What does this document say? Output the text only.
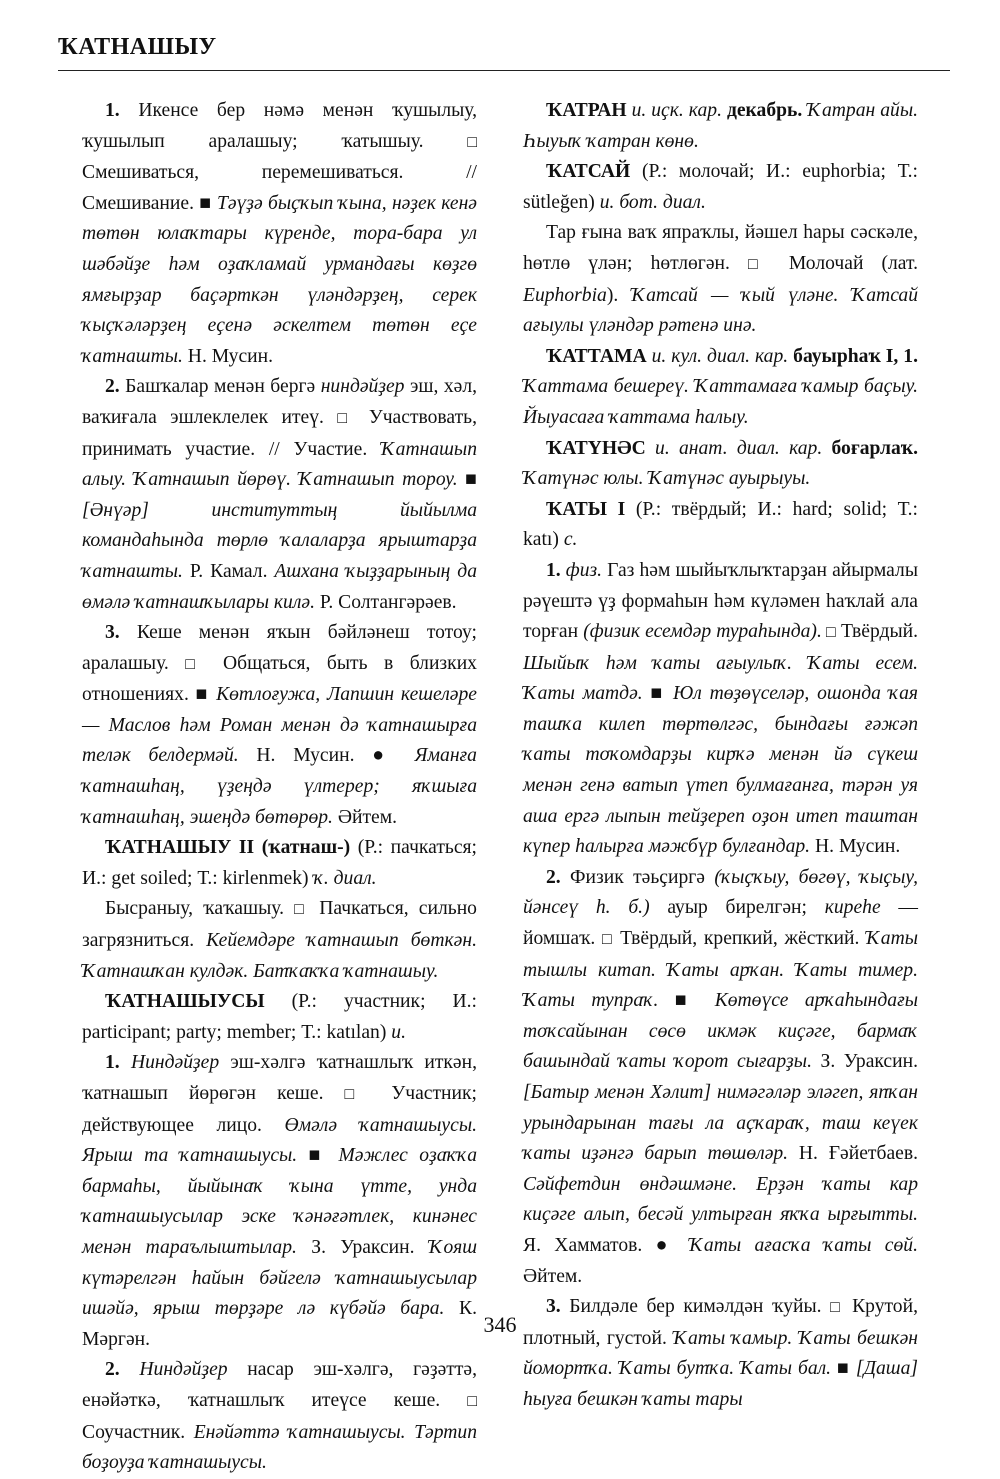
ҠАТНАШЫУ

1. Икенсе бер нәмә менән ҡушылыу, ҡушылып аралашыу; ҡатышыу. □ Смешиваться, перемешиваться. // Смешивание. ■ Тәүҙә быҫҡып ҡына, нәҙек кенә төтөн юлаҡтары күренде, тора-бара ул шәбәйҙе һәм оҙаҡламай урмандағы көҙгө ямғырҙар баҫәрткән үләндәрҙең, серек ҡыҫҡәләрҙең еҫенә әскелтем төтөн еҫе ҡатнашты. Н. Мусин.

2. Башҡалар менән бергә ниндәйҙер эш, хәл, ваҡиғала эшлеклелек итеү. □ Участвовать, принимать участие. // Участие. Ҡатнашып алыу. Ҡатнашып йөрөү. Ҡатнашып тороу. ■ [Әнүәр] институттың йыйылма командаһында төрлө ҡалаларҙа ярыштарҙа ҡатнашты. Р. Камал. Ашхана ҡыҙҙарының да өмәлә ҡатнашҡылары килә. Р. Солтангәрәев.

3. Кеше менән яҡын бәйләнеш тотоу; аралашыу. □ Общаться, быть в близких отношениях. ■ Көтлоғужа, Лапшин кешеләре — Маслов һәм Роман менән дә ҡатнашырға теләк белдермәй. Н. Мусин. ● Яманға ҡатнашһаң, үҙеңдә үлтерер; яҡшыға ҡатнашһаң, эшеңдә бөтөрөр. Әйтем.

ҠАТНАШЫУ II (ҡатнаш-) (Р.: пачкаться; И.: get soiled; Т.: kirlenmek) ҡ. диал.

Бысраныу, ҡаҡашыу. □ Пачкаться, сильно загрязниться. Кейемдәре ҡатнашып бөткән. Ҡатнашҡан кулдәк. Батҡаҡҡа ҡатнашыу.

ҠАТНАШЫУСЫ (Р.: участник; И.: participant; party; member; Т.: katılan) и.

1. Ниндәйҙер эш-хәлгә ҡатнашлыҡ иткән, ҡатнашып йөрөгән кеше. □ Участник; действующее лицо. Өмәлә ҡатнашыусы. Ярыш та ҡатнашыусы. ■ Мәжлес оҙаҡҡа бармаһы, йыйынаҡ ҡына үтте, унда ҡатнашыусылар эске ҡәнәғәтлек, кинәнес менән тараълыштылар. З. Ураксин. Ҡояш күтәрелгән һайын бәйгелә ҡатнашыусылар ишәйә, ярыш төрҙәре лә күбәйә бара. К. Мәргән.

2. Ниндәйҙер насар эш-хәлгә, гәҙәттә, енәйәткә, ҡатнашлыҡ итеүсе кеше. □ Соучастник. Енәйәттә ҡатнашыусы. Тәртип боҙоуҙа ҡатнашыусы.

ҠАТРАН и. иҫк. кар. декабрь. Ҡатран айы. Һыуыҡ ҡатран көнө.

ҠАТСАЙ (Р.: молочай; И.: euphorbia; Т.: sütleğen) и. бот. диал.

Тар ғына ваҡ япраҡлы, йәшел һары сәскәле, һөтлө үлән; һөтлөгән. □ Молочай (лат. Euphorbia). Ҡатсай — ҡый үләне. Ҡатсай ағыулы үләндәр рәтенә инә.

ҠАТТАМА и. кул. диал. кар. бауырһаҡ I, 1. Ҡаттама бешереү. Ҡаттамаға ҡамыр баҫыу. Йыуасаға ҡаттама һалыу.

ҠАТҮНӘС и. анат. диал. кар. боғарлаҡ. Ҡатүнәс юлы. Ҡатүнәс ауырыуы.

ҠАТЫ I (Р.: твёрдый; И.: hard; solid; Т.: katı) с.

1. физ. Газ һәм шыйыҡлыҡтарҙан айырмалы рәүештә үҙ формаһын һәм күләмен һаҡлай ала торған (физик есемдәр тураһында). □ Твёрдый. Шыйыҡ һәм ҡаты ағыулыҡ. Ҡаты есем. Ҡаты матдә. ■ Юл төҙөүселәр, ошонда ҡая ташҡа килеп төртөлгәс, бындағы ғәжәп ҡаты тоҡомдарҙы кирҡә менән йә сүкеш менән генә ватып үтеп булмағанға, тәрән уя аша ергә лыпын тейҙереп оҙон итеп таштан күпер һалырға мәжбүр булғандар. Н. Мусин.

2. Физик тәьҫиргә (ҡыҫҡыу, бөгөү, ҡыҫыу, йәнсеү һ. б.) ауыр бирелгән; киреһе — йомшаҡ. □ Твёрдый, крепкий, жёсткий. Ҡаты тышлы китап. Ҡаты арҡан. Ҡаты тимер. Ҡаты тупраҡ. ■ Көтөүсе арҡаһындағы тоҡсайынан сөсө икмәк киҫәге, бармаҡ башындай ҡаты ҡорот сығарҙы. З. Ураксин. [Батыр менән Хәлит] нимәгәләр эләгеп, япҡан урындарынан тағы ла аҫҡараҡ, таш кеүек ҡаты иҙәнгә барып төшөләр. Н. Ғәйетбаев. Сәйфетдин өндәшмәне. Ерҙән ҡаты кар киҫәге алып, бесәй ултырған яҡҡа ырғытты. Я. Хамматов. ● Ҡаты ағасҡа ҡаты сөй. Әйтем.

3. Билдәле бер кимәлдән ҡуйы. □ Крутой, плотный, густой. Ҡаты ҡамыр. Ҡаты бешкән йомортҡа. Ҡаты бутҡа. Ҡаты бал. ■ [Даша] һыуға бешкән ҡаты тары

346
